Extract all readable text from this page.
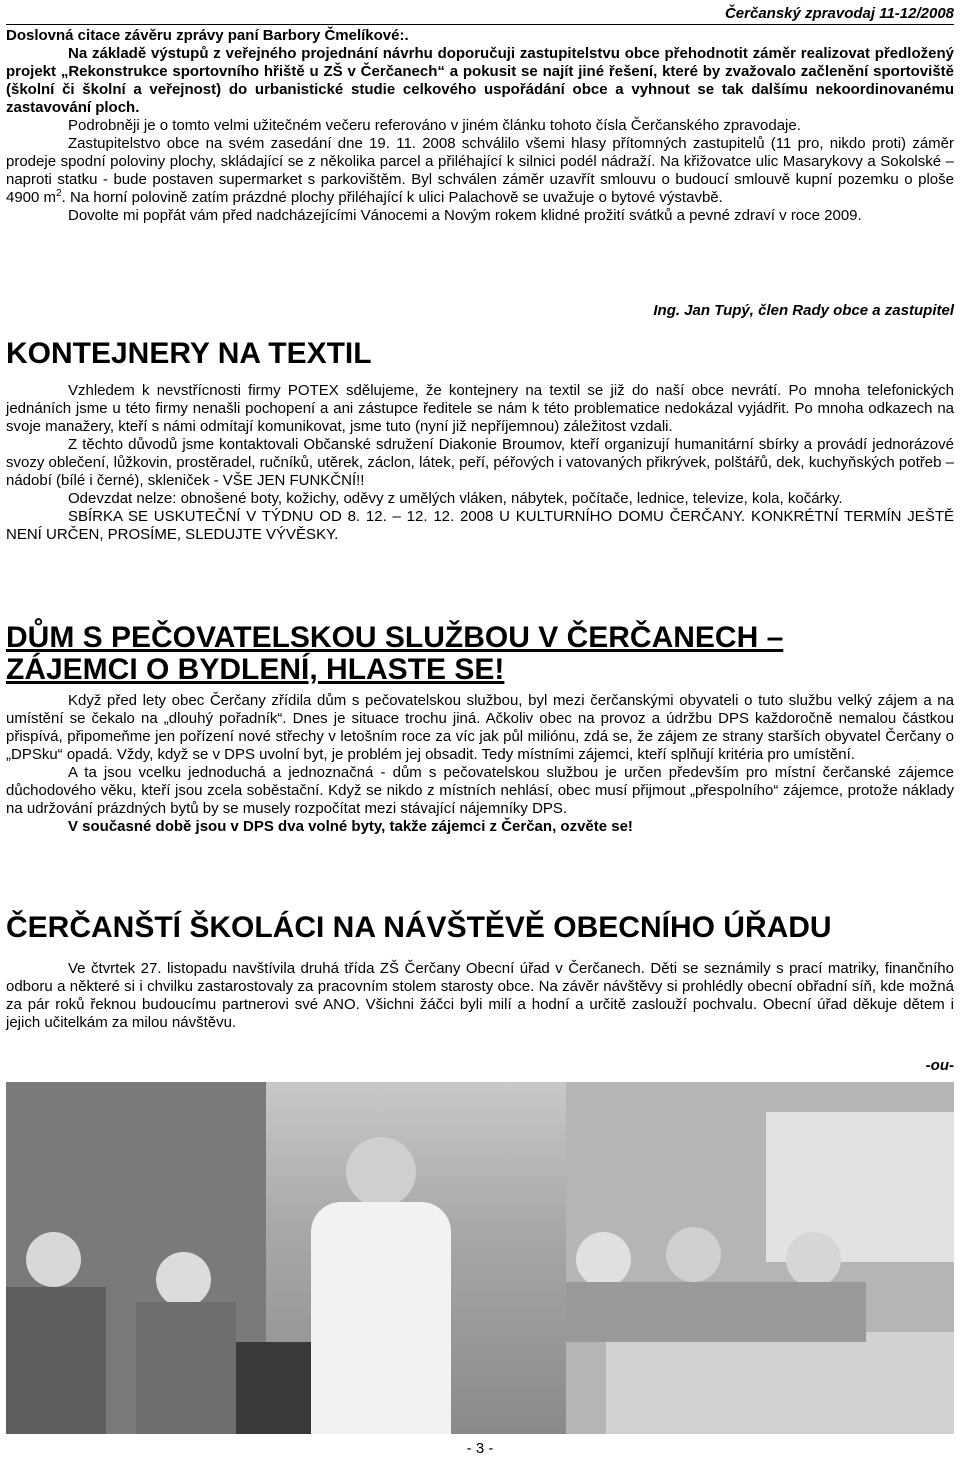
Čerčanský zpravodaj 11-12/2008

Doslovná citace závěru zprávy paní Barbory Čmelíkové:.

Na základě výstupů z veřejného projednání návrhu doporučuji zastupitelstvu obce přehodnotit záměr realizovat předložený projekt „Rekonstrukce sportovního hřiště u ZŠ v Čerčanech“ a pokusit se najít jiné řešení, které by zvažovalo začlenění sportoviště (školní či školní a veřejnost) do urbanistické studie celkového uspořádání obce a vyhnout se tak dalšímu nekoordinovanému zastavování ploch.

Podrobněji je o tomto velmi užitečném večeru referováno v jiném článku tohoto čísla Čerčanského zpravodaje.

Zastupitelstvo obce na svém zasedání dne 19. 11. 2008 schválilo všemi hlasy přítomných zastupitelů (11 pro, nikdo proti) záměr prodeje spodní poloviny plochy, skládající se z několika parcel a přiléhající k silnici podél nádraží. Na křižovatce ulic Masarykovy a Sokolské – naproti statku - bude postaven supermarket s parkovištěm. Byl schválen záměr uzavřít smlouvu o budoucí smlouvě kupní pozemku o ploše 4900 $m^2$. Na horní polovině zatím prázdné plochy přiléhající k ulici Palachově se uvažuje o bytové výstavbě.

Dovolte mi popřát vám před nadcházejícími Vánocemi a Novým rokem klidné prožití svátků a pevné zdraví v roce 2009.

Ing. Jan Tupý, člen Rady obce a zastupitel
KONTEJNERY NA TEXTIL

Vzhledem k nevstřícnosti firmy POTEX sdělujeme, že kontejnery na textil se již do naší obce nevrátí. Po mnoha telefonických jednáních jsme u této firmy nenašli pochopení a ani zástupce ředitele se nám k této problematice nedokázal vyjádřit. Po mnoha odkazech na svoje manažery, kteří s námi odmítají komunikovat, jsme tuto (nyní již nepříjemnou) záležitost vzdali.

Z těchto důvodů jsme kontaktovali Občanské sdružení Diakonie Broumov, kteří organizují humanitární sbírky a provádí jednorázové svozy oblečení, lůžkovin, prostěradel, ručníků, utěrek, záclon, látek, peří, péřových i vatovaných přikrývek, polštářů, dek, kuchyňských potřeb – nádobí (bílé i černé), skleniček - VŠE JEN FUNKČNÍ!!

Odevzdat nelze: obnošené boty, kožichy, oděvy z umělých vláken, nábytek, počítače, lednice, televize, kola, kočárky.

SBÍRKA SE USKUTEČNÍ V TÝDNU OD 8. 12. – 12. 12. 2008 U KULTURNÍHO DOMU ČERČANY. KONKRÉTNÍ TERMÍN JEŠTĚ NENÍ URČEN, PROSÍME, SLEDUJTE VÝVĚSKY.

DŮM S PEČOVATELSKOU SLUŽBOU V ČERČANECH –
ZÁJEMCI O BYDLENÍ, HLASTE SE!

Když před lety obec Čerčany zřídila dům s pečovatelskou službou, byl mezi čerčanskými obyvateli o tuto službu velký zájem a na umístění se čekalo na „dlouhý pořadník“. Dnes je situace trochu jiná. Ačkoliv obec na provoz a údržbu DPS každoročně nemalou částkou přispívá, připomeňme jen pořízení nové střechy v letošním roce za víc jak půl miliónu, zdá se, že zájem ze strany starších obyvatel Čerčany o „DPSku“ opadá. Vždy, když se v DPS uvolní byt, je problém jej obsadit. Tedy místními zájemci, kteří splňují kritéria pro umístění.

A ta jsou vcelku jednoduchá a jednoznačná - dům s pečovatelskou službou je určen především pro místní čerčanské zájemce důchodového věku, kteří jsou zcela soběstační. Když se nikdo z místních nehlásí, obec musí přijmout „přespolního“ zájemce, protože náklady na udržování prázdných bytů by se musely rozpočítat mezi stávající nájemníky DPS.

V současné době jsou v DPS dva volné byty, takže zájemci z Čerčan, ozvěte se!

ČERČANŠTÍ ŠKOLÁCI NA NÁVŠTĚVĚ OBECNÍHO ÚŘADU

Ve čtvrtek 27. listopadu navštívila druhá třída ZŠ Čerčany Obecní úřad v Čerčanech. Děti se seznámily s prací matriky, finančního odboru a některé si i chvilku zastarostovaly za pracovním stolem starosty obce. Na závěr návštěvy si prohlédly obecní obřadní síň, kde možná za pár roků řeknou budoucímu partnerovi své ANO. Všichni žáčci byli milí a hodní a určitě zaslouží pochvalu. Obecní úřad děkuje dětem i jejich učitelkám za milou návštěvu.

-ou-
- 3 -
